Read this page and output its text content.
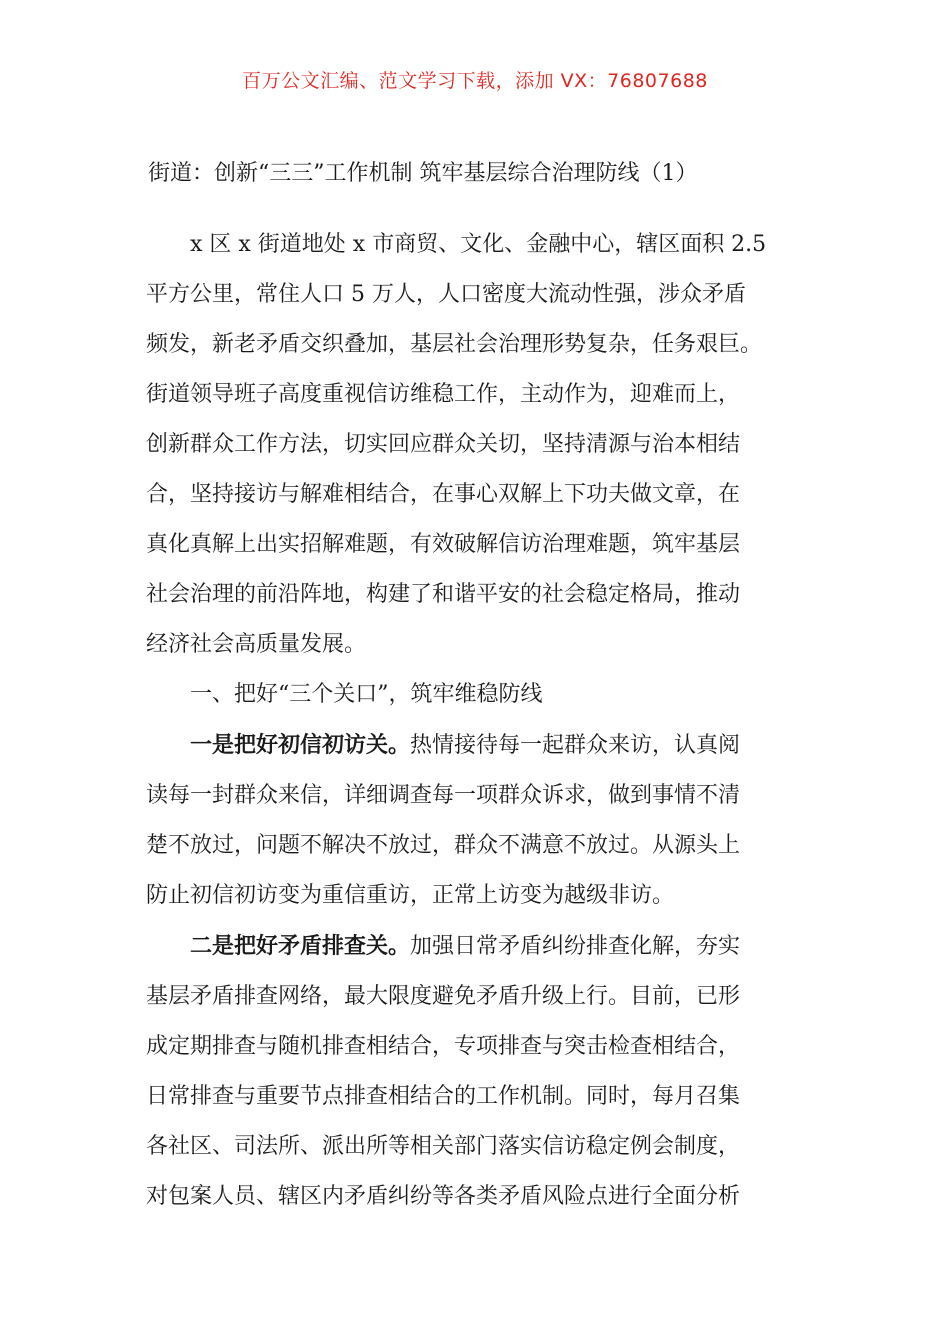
百万公文汇编、范文学习下载，添加 VX：76807688
街道：创新“三三”工作机制 筑牢基层综合治理防线（1）
x 区 x 街道地处 x 市商贸、文化、金融中心，辖区面积 2.5
平方公里，常住人口 5 万人，人口密度大流动性强，涉众矛盾
频发，新老矛盾交织叠加，基层社会治理形势复杂，任务艰巨。
街道领导班子高度重视信访维稳工作，主动作为，迎难而上，
创新群众工作方法，切实回应群众关切，坚持清源与治本相结
合，坚持接访与解难相结合，在事心双解上下功夫做文章，在
真化真解上出实招解难题，有效破解信访治理难题，筑牢基层
社会治理的前沿阵地，构建了和谐平安的社会稳定格局，推动
经济社会高质量发展。
一、把好“三个关口”，筑牢维稳防线
一是把好初信初访关。热情接待每一起群众来访，认真阅
读每一封群众来信，详细调查每一项群众诉求，做到事情不清
楚不放过，问题不解决不放过，群众不满意不放过。从源头上
防止初信初访变为重信重访，正常上访变为越级非访。
二是把好矛盾排查关。加强日常矛盾纠纷排查化解，夯实
基层矛盾排查网络，最大限度避免矛盾升级上行。目前，已形
成定期排查与随机排查相结合，专项排查与突击检查相结合，
日常排查与重要节点排查相结合的工作机制。同时，每月召集
各社区、司法所、派出所等相关部门落实信访稳定例会制度，
对包案人员、辖区内矛盾纠纷等各类矛盾风险点进行全面分析
